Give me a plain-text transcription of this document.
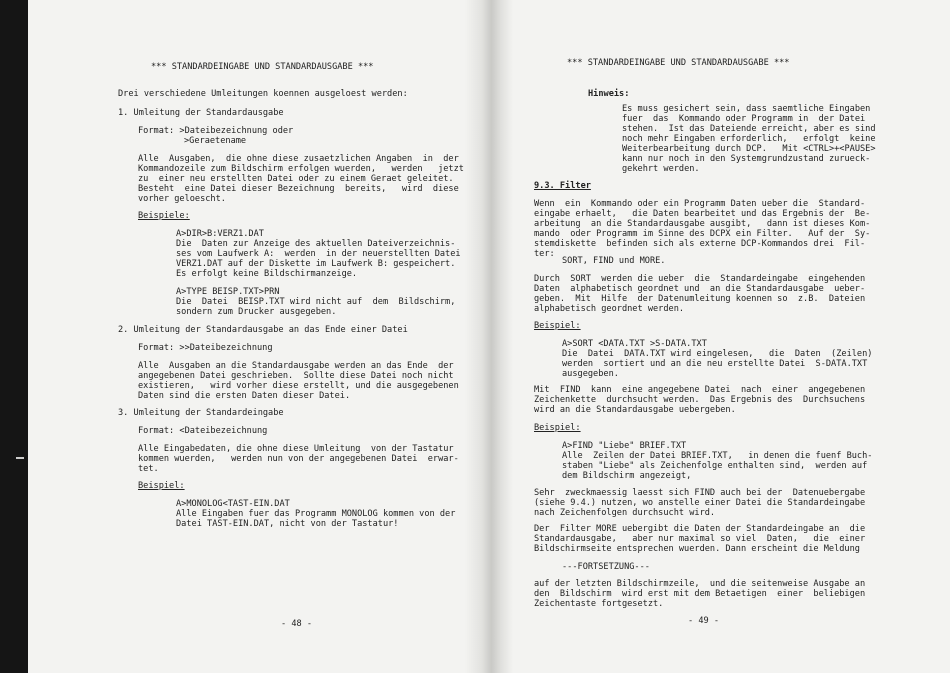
*** STANDARDEINGABE UND STANDARDAUSGABE ***
Drei verschiedene Umleitungen koennen ausgeloest werden:
1. Umleitung der Standardausgabe
Format: >Dateibezeichnung oder
>Geraetename
Alle  Ausgaben,  die ohne diese zusaetzlichen Angaben  in  der
Kommandozeile zum Bildschirm erfolgen wuerden,   werden   jetzt
zu  einer neu erstellten Datei oder zu einem Geraet geleitet.
Besteht  eine Datei dieser Bezeichnung  bereits,   wird  diese
vorher geloescht.
Beispiele:
A>DIR>B:VERZ1.DAT
Die  Daten zur Anzeige des aktuellen Dateiverzeichnis-
ses vom Laufwerk A:  werden  in der neuerstellten Datei
VERZ1.DAT auf der Diskette im Laufwerk B: gespeichert.
Es erfolgt keine Bildschirmanzeige.
A>TYPE BEISP.TXT>PRN
Die  Datei  BEISP.TXT wird nicht auf  dem  Bildschirm,
sondern zum Drucker ausgegeben.
2. Umleitung der Standardausgabe an das Ende einer Datei
Format: >>Dateibezeichnung
Alle  Ausgaben an die Standardausgabe werden an das Ende  der
angegebenen Datei geschrieben.  Sollte diese Datei noch nicht
existieren,   wird vorher diese erstellt, und die ausgegebenen
Daten sind die ersten Daten dieser Datei.
3. Umleitung der Standardeingabe
Format: <Dateibezeichnung
Alle Eingabedaten, die ohne diese Umleitung  von der Tastatur
kommen wuerden,   werden nun von der angegebenen Datei  erwar-
tet.
Beispiel:
A>MONOLOG<TAST-EIN.DAT
Alle Eingaben fuer das Programm MONOLOG kommen von der
Datei TAST-EIN.DAT, nicht von der Tastatur!
- 48 -
*** STANDARDEINGABE UND STANDARDAUSGABE ***
Hinweis:
Es muss gesichert sein, dass saemtliche Eingaben
fuer  das  Kommando oder Programm in  der Datei
stehen.  Ist das Dateiende erreicht, aber es sind
noch mehr Eingaben erforderlich,   erfolgt  keine
Weiterbearbeitung durch DCP.   Mit <CTRL>+<PAUSE>
kann nur noch in den Systemgrundzustand zurueck-
gekehrt werden.
9.3. Filter
Wenn  ein  Kommando oder ein Programm Daten ueber die  Standard-
eingabe erhaelt,   die Daten bearbeitet und das Ergebnis der  Be-
arbeitung  an die Standardausgabe ausgibt,   dann ist dieses Kom-
mando  oder Programm im Sinne des DCPX ein Filter.   Auf der  Sy-
stemdiskette  befinden sich als externe DCP-Kommandos drei  Fil-
ter:
SORT, FIND und MORE.
Durch  SORT  werden die ueber  die  Standardeingabe  eingehenden
Daten  alphabetisch geordnet und  an die Standardausgabe  ueber-
geben.  Mit  Hilfe  der Datenumleitung koennen so  z.B.  Dateien
alphabetisch geordnet werden.
Beispiel:
A>SORT <DATA.TXT >S-DATA.TXT
Die  Datei  DATA.TXT wird eingelesen,   die  Daten  (Zeilen)
werden  sortiert und an die neu erstellte Datei  S-DATA.TXT
ausgegeben.
Mit  FIND  kann  eine angegebene Datei  nach  einer  angegebenen
Zeichenkette  durchsucht werden.  Das Ergebnis des  Durchsuchens
wird an die Standardausgabe uebergeben.
Beispiel:
A>FIND "Liebe" BRIEF.TXT
Alle  Zeilen der Datei BRIEF.TXT,   in denen die fuenf Buch-
staben "Liebe" als Zeichenfolge enthalten sind,  werden auf
dem Bildschirm angezeigt,
Sehr  zweckmaessig laesst sich FIND auch bei der  Datenuebergabe
(siehe 9.4.) nutzen, wo anstelle einer Datei die Standardeingabe
nach Zeichenfolgen durchsucht wird.
Der  Filter MORE uebergibt die Daten der Standardeingabe an  die
Standardausgabe,   aber nur maximal so viel  Daten,   die  einer
Bildschirmseite entsprechen wuerden. Dann erscheint die Meldung
---FORTSETZUNG---
auf der letzten Bildschirmzeile,  und die seitenweise Ausgabe an
den  Bildschirm  wird erst mit dem Betaetigen  einer  beliebigen
Zeichentaste fortgesetzt.
- 49 -
